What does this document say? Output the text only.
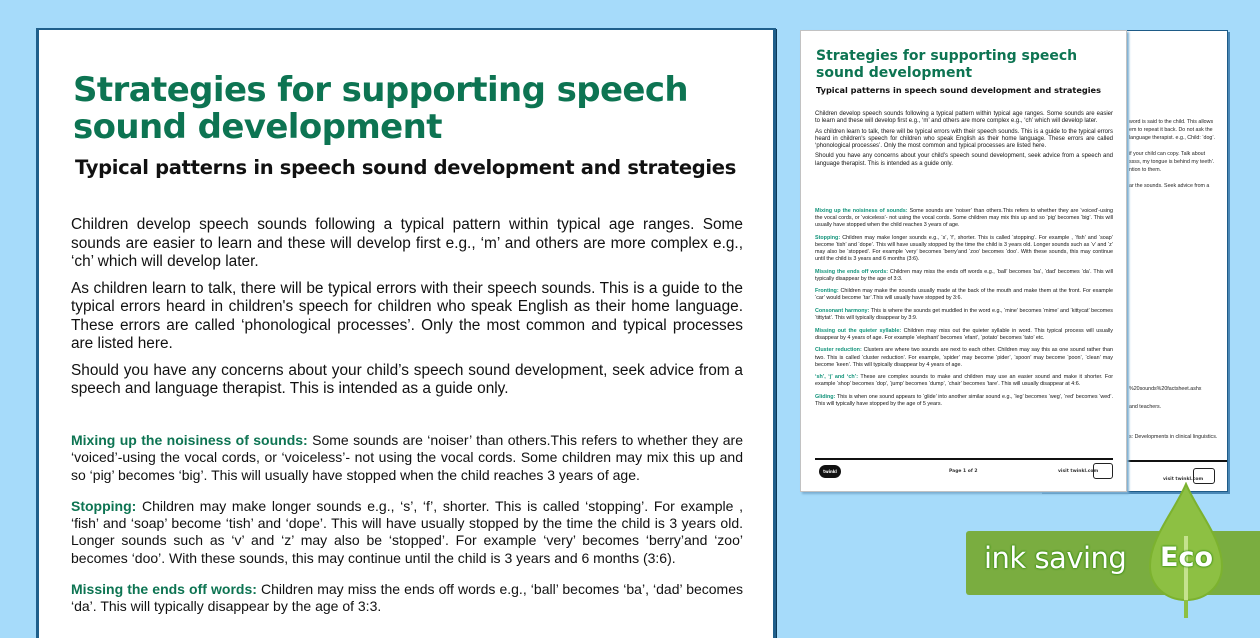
Strategies for supporting speech sound development
Typical patterns in speech sound development and strategies

Children develop speech sounds following a typical pattern within typical age ranges. Some sounds are easier to learn and these will develop first e.g., ‘m’ and others are more complex e.g., ‘ch’ which will develop later.

As children learn to talk, there will be typical errors with their speech sounds. This is a guide to the typical errors heard in children's speech for children who speak English as their home language. These errors are called ‘phonological processes’. Only the most common and typical processes are listed here.

Should you have any concerns about your child’s speech sound development, seek advice from a speech and language therapist. This is intended as a guide only.

Mixing up the noisiness of sounds: Some sounds are ‘noiser’ than others.This refers to whether they are ‘voiced’-using the vocal cords, or ‘voiceless’- not using the vocal cords. Some children may mix this up and so ‘pig’ becomes ‘big’. This will usually have stopped when the child reaches 3 years of age.

Stopping: Children may make longer sounds e.g., ‘s’, ‘f’, shorter. This is called ‘stopping’. For example , ‘fish’ and ‘soap’ become ‘tish’ and ‘dope’. This will have usually stopped by the time the child is 3 years old. Longer sounds such as ‘v’ and ‘z’ may also be ‘stopped’. For example ‘very’ becomes ‘berry’and ‘zoo’ becomes ‘doo’. With these sounds, this may continue until the child is 3 years and 6 months (3:6).

Missing the ends off words: Children may miss the ends off words e.g., ‘ball’ becomes ‘ba’, ‘dad’ becomes ‘da’. This will typically disappear by the age of 3:3.

word is said to the child. This allows
em to repeat it back. Do not ask the
language therapist. e.g., Child: ‘dog’.
if your child can copy. Talk about
ssss, my tongue is behind my teeth’.
ntion to them.
ar the sounds. Seek advice from a
%20sounds%20factsheet.ashx
and teachers.
s: Developments in clinical linguistics.
visit twinkl.com
Strategies for supporting speech sound development
Typical patterns in speech sound development and strategies

Children develop speech sounds following a typical pattern within typical age ranges. Some sounds are easier to learn and these will develop first e.g., ‘m’ and others are more complex e.g., ‘ch’ which will develop later.

As children learn to talk, there will be typical errors with their speech sounds. This is a guide to the typical errors heard in children's speech for children who speak English as their home language. These errors are called ‘phonological processes’. Only the most common and typical processes are listed here.

Should you have any concerns about your child’s speech sound development, seek advice from a speech and language therapist. This is intended as a guide only.

Mixing up the noisiness of sounds: Some sounds are ‘noiser’ than others.This refers to whether they are ‘voiced’-using the vocal cords, or ‘voiceless’- not using the vocal cords. Some children may mix this up and so ‘pig’ becomes ‘big’. This will usually have stopped when the child reaches 3 years of age.

Stopping: Children may make longer sounds e.g., ‘s’, ‘f’, shorter. This is called ‘stopping’. For example , ‘fish’ and ‘soap’ become ‘tish’ and ‘dope’. This will have usually stopped by the time the child is 3 years old. Longer sounds such as ‘v’ and ‘z’ may also be ‘stopped’. For example ‘very’ becomes ‘berry’and ‘zoo’ becomes ‘doo’. With these sounds, this may continue until the child is 3 years and 6 months (3:6).

Missing the ends off words: Children may miss the ends off words e.g., ‘ball’ becomes ‘ba’, ‘dad’ becomes ‘da’. This will typically disappear by the age of 3:3.

Fronting: Children may make the sounds usually made at the back of the mouth and make them at the front. For example ‘car’ would become ‘tar’.This will usually have stopped by 3:6.

Consonant harmony: This is where the sounds get muddled in the word e.g., ‘mine’ becomes ‘mime’ and ‘kittycat’ becomes ‘tittytat’. This will typically disappear by 3:9.

Missing out the quieter syllable: Children may miss out the quieter syllable in word. This typical process will usually disappear by 4 years of age. For example ‘elephant’ becomes ‘efant’, ‘potato’ becomes ‘tato’ etc.

Cluster reduction: Clusters are where two sounds are next to each other. Children may say this as one sound rather than two. This is called ‘cluster reduction’. For example, ‘spider’ may become ‘pider’, ‘spoon’ may become ‘poon’, ‘clean’ may become ‘keen’. This will typically disappear by 4 years of age.

‘sh’, ‘j’ and ‘ch’: These are complex sounds to make and children may use an easier sound and make it shorter. For example ‘shop’ becomes ‘dop’, ‘jump’ becomes ‘dump’, ‘chair’ becomes ‘tare’. This will usually disappear at 4:6.

Gliding: This is when one sound appears to ‘glide’ into another similar sound e.g., ‘leg’ becomes ‘weg’, ‘red’ becomes ‘wed’. This will typically have stopped by the age of 5 years.

twinkl	Page 1 of 2	visit twinkl.com
ink saving Eco
